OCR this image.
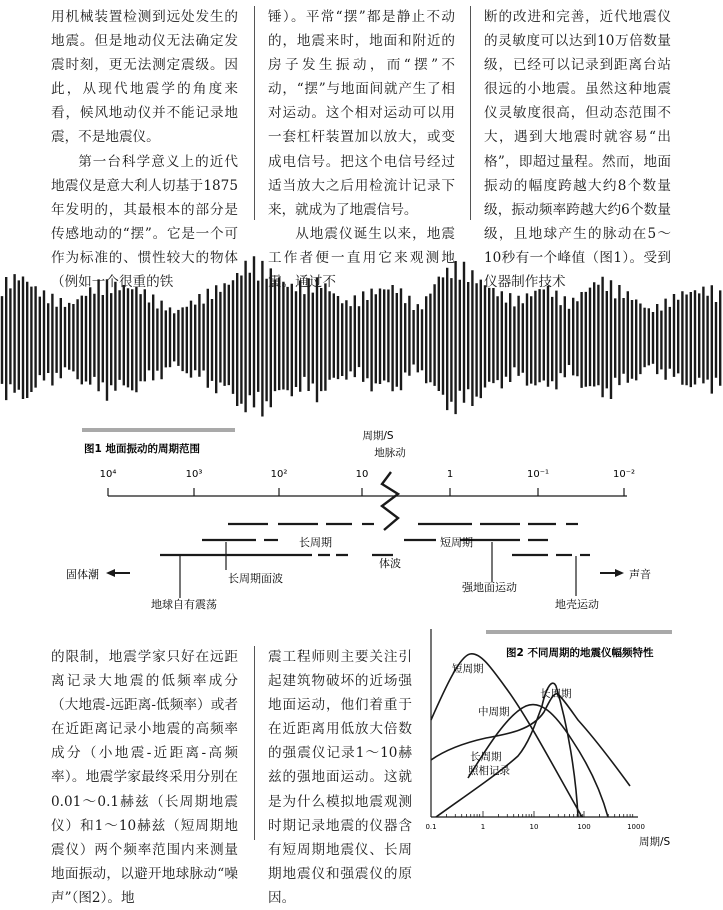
用机械装置检测到远处发生的地震。但是地动仪无法确定发震时刻，更无法测定震级。因此，从现代地震学的角度来看，候风地动仪并不能记录地震，不是地震仪。

第一台科学意义上的近代地震仪是意大利人切基于1875年发明的，其最根本的部分是传感地动的“摆”。它是一个可作为标准的、惯性较大的物体（例如一个很重的铁

锤）。平常“摆”都是静止不动的，地震来时，地面和附近的房子发生振动，而“摆”不动，“摆”与地面间就产生了相对运动。这个相对运动可以用一套杠杆装置加以放大，或变成电信号。把这个电信号经过适当放大之后用检流计记录下来，就成为了地震信号。

从地震仪诞生以来，地震工作者便一直用它来观测地震。通过不

断的改进和完善，近代地震仪的灵敏度可以达到10万倍数量级，已经可以记录到距离台站很远的小地震。虽然这种地震仪灵敏度很高，但动态范围不大，遇到大地震时就容易“出格”，即超过量程。然而，地面振动的幅度跨越大约8个数量级，振动频率跨越大约6个数量级，且地球产生的脉动在5～10秒有一个峰值（图1）。受到仪器制作技术

图1 地面振动的周期范围
周期/S
地脉动
10⁴	10³	10²	10	1	10⁻¹	10⁻²
长周期	短周期
体波
固体潮	长周期面波
地球自有震荡
强地面运动
声音
地壳运动

的限制，地震学家只好在远距离记录大地震的低频率成分（大地震-远距离-低频率）或者在近距离记录小地震的高频率成分（小地震-近距离-高频率）。地震学家最终采用分别在0.01～0.1赫兹（长周期地震仪）和1～10赫兹（短周期地震仪）两个频率范围内来测量地面振动，以避开地球脉动“噪声”（图2）。地

震工程师则主要关注引起建筑物破坏的近场强地面运动，他们着重于在近距离用低放大倍数的强震仪记录1～10赫兹的强地面运动。这就是为什么模拟地震观测时期记录地震的仪器含有短周期地震仪、长周期地震仪和强震仪的原因。

图2 不同周期的地震仪幅频特性
短周期
长周期
中周期
长周期
照相记录
0.1	1	10	100	1000
周期/S
